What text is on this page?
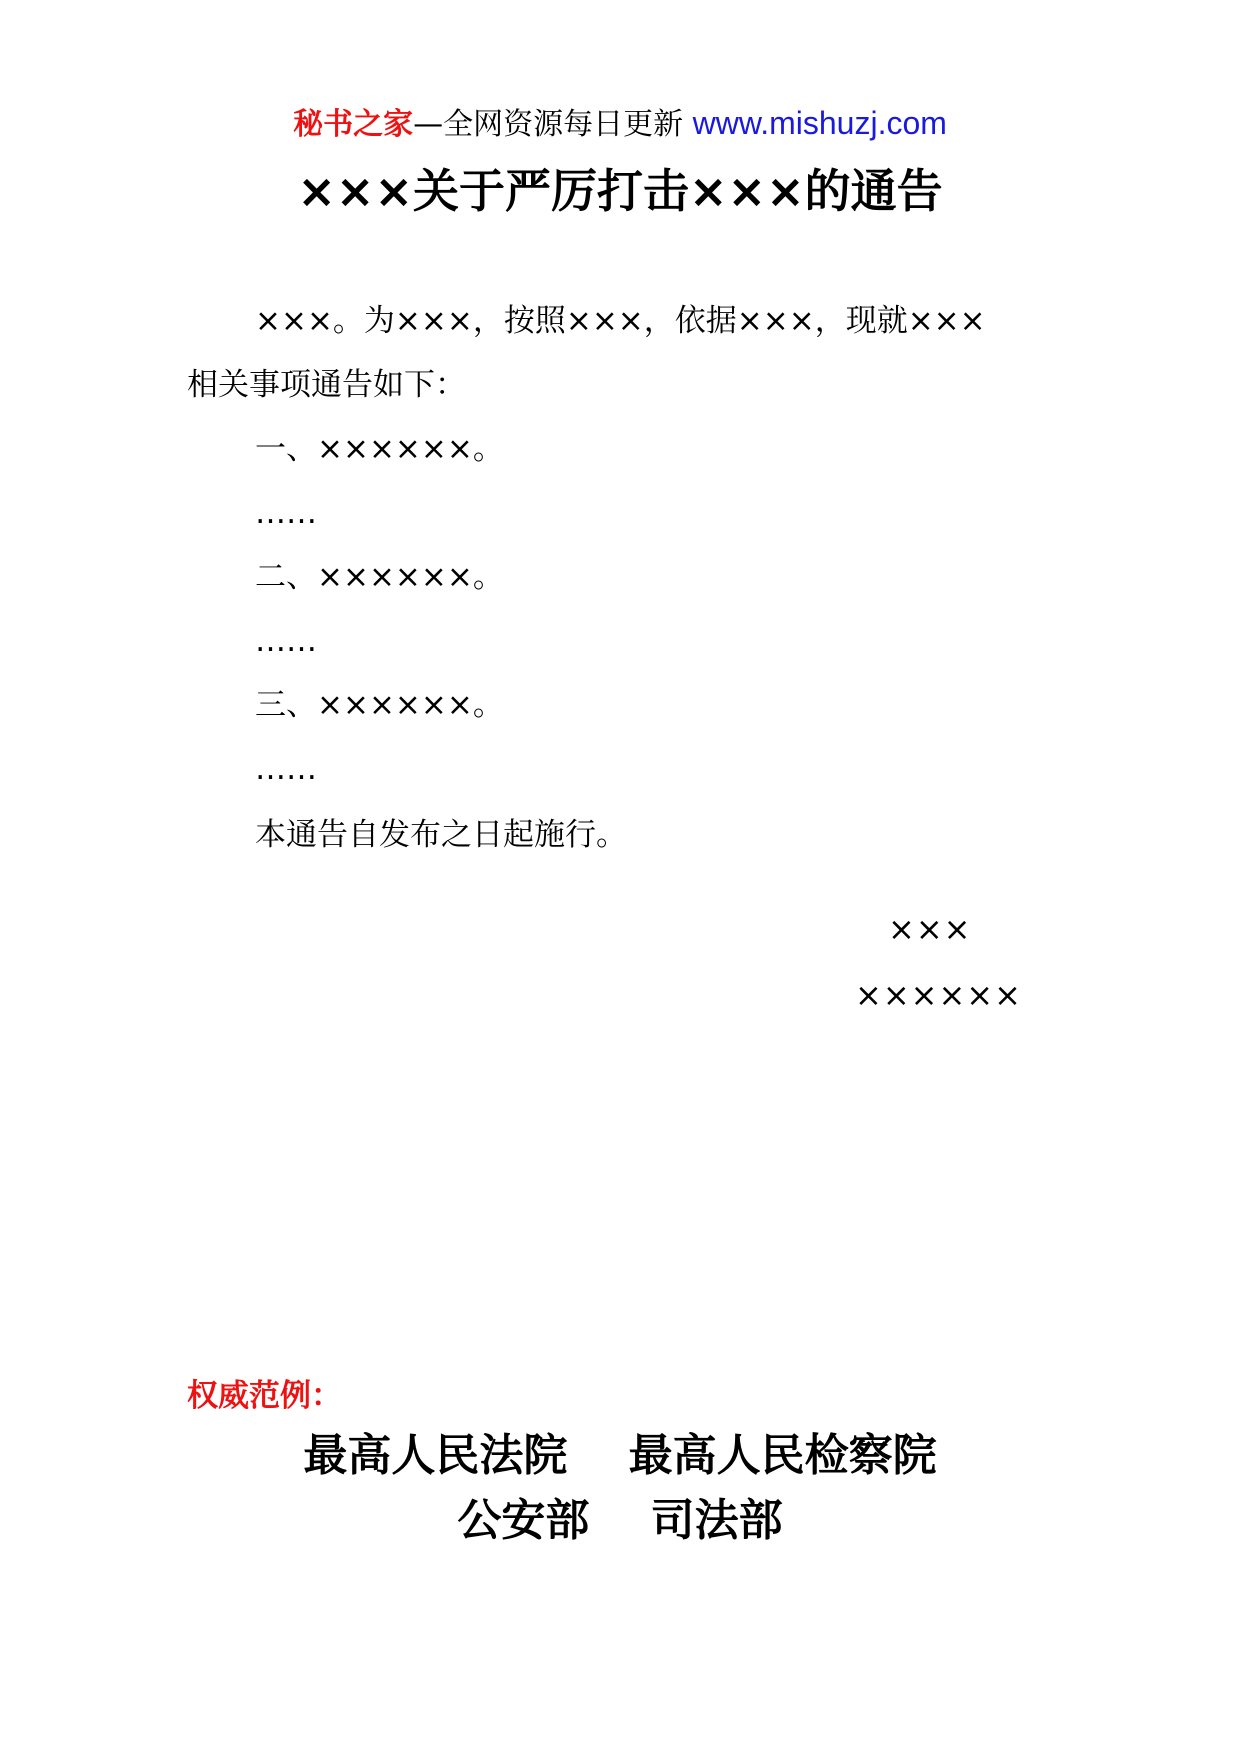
秘书之家—全网资源每日更新 www.mishuzj.com
×××关于严厉打击×××的通告
×××。为×××，按照×××，依据×××，现就×××
相关事项通告如下：
一、××××××。
……
二、××××××。
……
三、××××××。
……
本通告自发布之日起施行。
×××
××××××
权威范例：
最高人民法院    最高人民检察院
公安部    司法部
